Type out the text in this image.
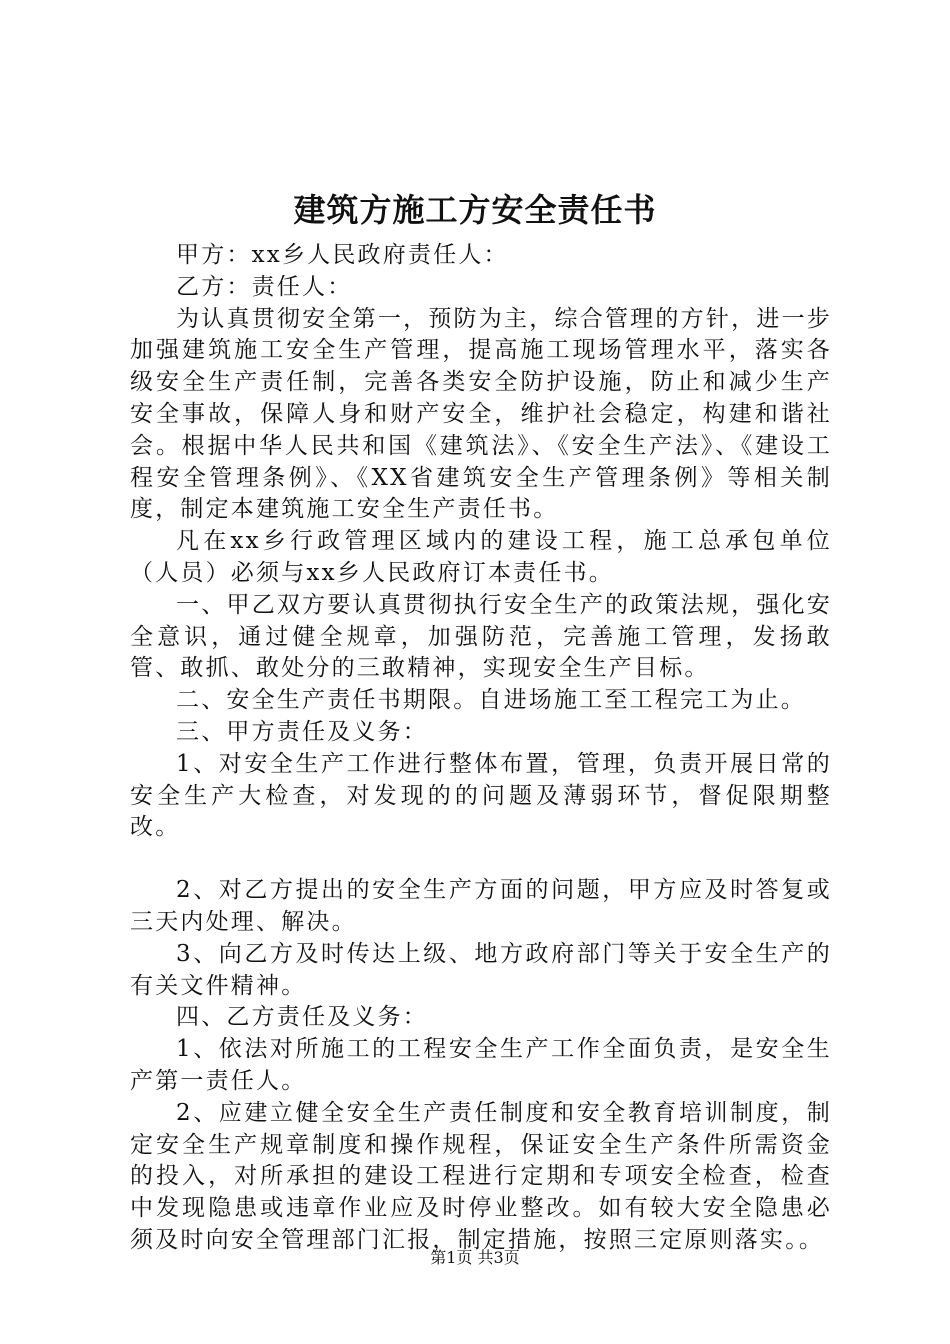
建筑方施工方安全责任书

甲方：xx乡人民政府责任人：

乙方：责任人：

为认真贯彻安全第一，预防为主，综合管理的方针，进一步加强建筑施工安全生产管理，提高施工现场管理水平，落实各级安全生产责任制，完善各类安全防护设施，防止和减少生产安全事故，保障人身和财产安全，维护社会稳定，构建和谐社会。根据中华人民共和国《建筑法》、《安全生产法》、《建设工程安全管理条例》、《XX省建筑安全生产管理条例》等相关制度，制定本建筑施工安全生产责任书。

凡在xx乡行政管理区域内的建设工程，施工总承包单位（人员）必须与xx乡人民政府订本责任书。

一、甲乙双方要认真贯彻执行安全生产的政策法规，强化安全意识，通过健全规章，加强防范，完善施工管理，发扬敢管、敢抓、敢处分的三敢精神，实现安全生产目标。

二、安全生产责任书期限。自进场施工至工程完工为止。

三、甲方责任及义务：

1、对安全生产工作进行整体布置，管理，负责开展日常的安全生产大检查，对发现的的问题及薄弱环节，督促限期整改。

2、对乙方提出的安全生产方面的问题，甲方应及时答复或三天内处理、解决。

3、向乙方及时传达上级、地方政府部门等关于安全生产的有关文件精神。

四、乙方责任及义务：

1、依法对所施工的工程安全生产工作全面负责，是安全生产第一责任人。

2、应建立健全安全生产责任制度和安全教育培训制度，制定安全生产规章制度和操作规程，保证安全生产条件所需资金的投入，对所承担的建设工程进行定期和专项安全检查，检查中发现隐患或违章作业应及时停业整改。如有较大安全隐患必须及时向安全管理部门汇报，制定措施，按照三定原则落实。。

第1页 共3页
